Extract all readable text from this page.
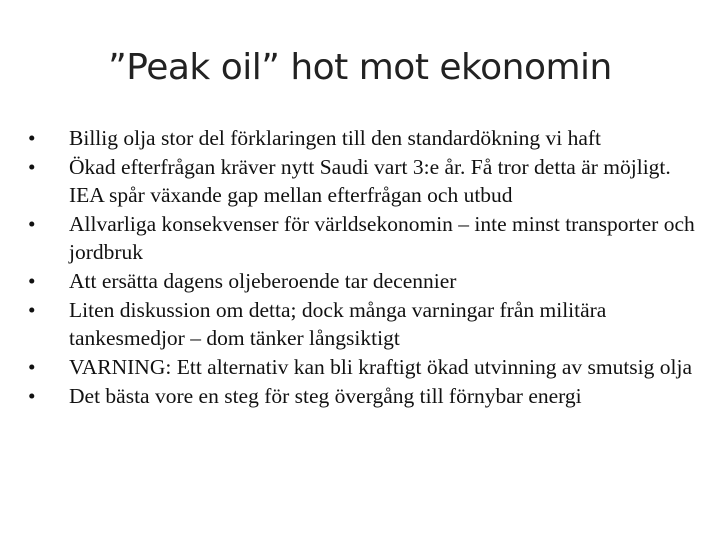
”Peak oil” hot mot ekonomin
•	Billig olja stor del förklaringen till den standardökning vi haft
•	Ökad efterfrågan kräver nytt Saudi vart 3:e år. Få tror detta är möjligt. IEA spår växande gap mellan efterfrågan och utbud
•	Allvarliga konsekvenser för världsekonomin – inte minst transporter och jordbruk
•	Att ersätta dagens oljeberoende tar decennier
•	Liten diskussion om detta; dock många varningar från militära tankesmedjor – dom tänker långsiktigt
•	VARNING: Ett alternativ kan bli kraftigt ökad utvinning av smutsig olja
•	Det bästa vore en steg för steg övergång till förnybar energi
